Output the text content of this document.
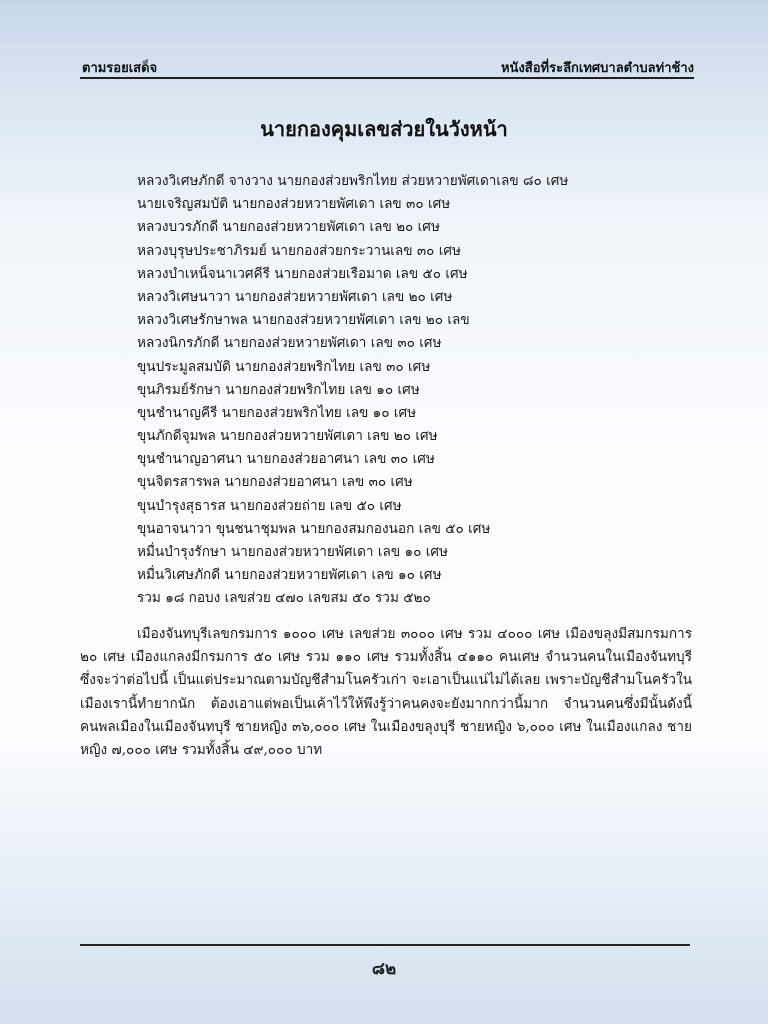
ตามรอยเสด็จ	หนังสือที่ระลึกเทศบาลตำบลท่าช้าง
นายกองคุมเลขส่วยในวังหน้า
หลวงวิเศษภักดี จางวาง นายกองส่วยพริกไทย ส่วยหวายพัศเดาเลข ๘๐ เศษ
นายเจริญสมบัติ นายกองส่วยหวายพัศเดา เลข ๓๐ เศษ
หลวงบวรภักดี นายกองส่วยหวายพัศเดา เลข ๒๐ เศษ
หลวงบุรุษประชาภิรมย์ นายกองส่วยกระวานเลข ๓๐ เศษ
หลวงบำเหน็จนาเวศคีรี นายกองส่วยเรือมาด เลข ๕๐ เศษ
หลวงวิเศษนาวา นายกองส่วยหวายพัศเดา เลข ๒๐ เศษ
หลวงวิเศษรักษาพล นายกองส่วยหวายพัศเดา เลข ๒๐ เลข
หลวงนิกรภักดี นายกองส่วยหวายพัศเดา เลข ๓๐ เศษ
ขุนประมูลสมบัติ นายกองส่วยพริกไทย เลข ๓๐ เศษ
ขุนภิรมย์รักษา นายกองส่วยพริกไทย เลข ๑๐ เศษ
ขุนชำนาญคีรี นายกองส่วยพริกไทย เลข ๑๐ เศษ
ขุนภักดีจุมพล นายกองส่วยหวายพัศเดา เลข ๒๐ เศษ
ขุนชำนาญอาศนา นายกองส่วยอาศนา เลข ๓๐ เศษ
ขุนจิตรสารพล นายกองส่วยอาศนา เลข ๓๐ เศษ
ขุนบำรุงสุธารส นายกองส่วยถ่าย เลข ๕๐ เศษ
ขุนอาจนาวา ขุนชนาชุมพล นายกองสมกองนอก เลข ๕๐ เศษ
หมื่นบำรุงรักษา นายกองส่วยหวายพัศเดา เลข ๑๐ เศษ
หมื่นวิเศษภักดี นายกองส่วยหวายพัศเดา เลข ๑๐ เศษ
รวม ๑๘ กอบง เลขส่วย ๔๗๐ เลขสม ๕๐ รวม ๕๒๐

เมืองจันทบุรีเลขกรมการ ๑๐๐๐ เศษ เลขส่วย ๓๐๐๐ เศษ รวม ๔๐๐๐ เศษ เมืองขลุงมีสมกรมการ ๒๐ เศษ เมืองแกลงมีกรมการ ๕๐ เศษ รวม ๑๑๐ เศษ รวมทั้งสิ้น ๔๑๑๐ คนเศษ จำนวนคนในเมืองจันทบุรีซึ่งจะว่าต่อไปนี้ เป็นแต่ประมาณตามบัญชีสำมโนครัวเก่า จะเอาเป็นแน่ไม่ได้เลย เพราะบัญชีสำมโนครัวในเมืองเรานี้ทำยากนัก ต้องเอาแต่พอเป็นเค้าไว้ให้พึงรู้ว่าคนคงจะยังมากกว่านี้มาก จำนวนคนซึ่งมีนั้นดังนี้ คนพลเมืองในเมืองจันทบุรี ชายหญิง ๓๖,๐๐๐ เศษ ในเมืองขลุงบุรี ชายหญิง ๖,๐๐๐ เศษ ในเมืองแกลง ชายหญิง ๗,๐๐๐ เศษ รวมทั้งสิ้น ๔๙,๐๐๐ บาท

๘๒
